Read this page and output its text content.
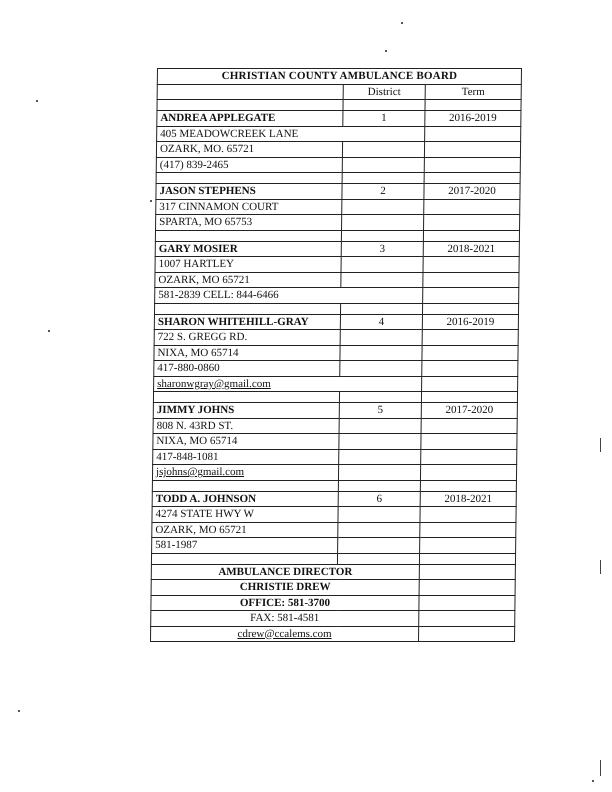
CHRISTIAN COUNTY AMBULANCE BOARD		
	District	Term

ANDREA APPLEGATE	1	2016-2019
405 MEADOWCREEK LANE		
OZARK, MO. 65721		
(417) 839-2465		

JASON STEPHENS	2	2017-2020
317 CINNAMON COURT		
SPARTA, MO 65753		

GARY MOSIER	3	2018-2021
1007 HARTLEY		
OZARK, MO 65721		
581-2839 CELL: 844-6466		

SHARON WHITEHILL-GRAY	4	2016-2019
722 S. GREGG RD.		
NIXA, MO 65714		
417-880-0860		
sharonwgray@gmail.com		

JIMMY JOHNS	5	2017-2020
808 N. 43RD ST.		
NIXA, MO 65714		
417-848-1081		
jsjohns@gmail.com		

TODD A. JOHNSON	6	2018-2021
4274 STATE HWY W		
OZARK, MO 65721		
581-1987		

AMBULANCE DIRECTOR		
CHRISTIE DREW		
OFFICE: 581-3700		
FAX: 581-4581		
cdrew@ccalems.com		
